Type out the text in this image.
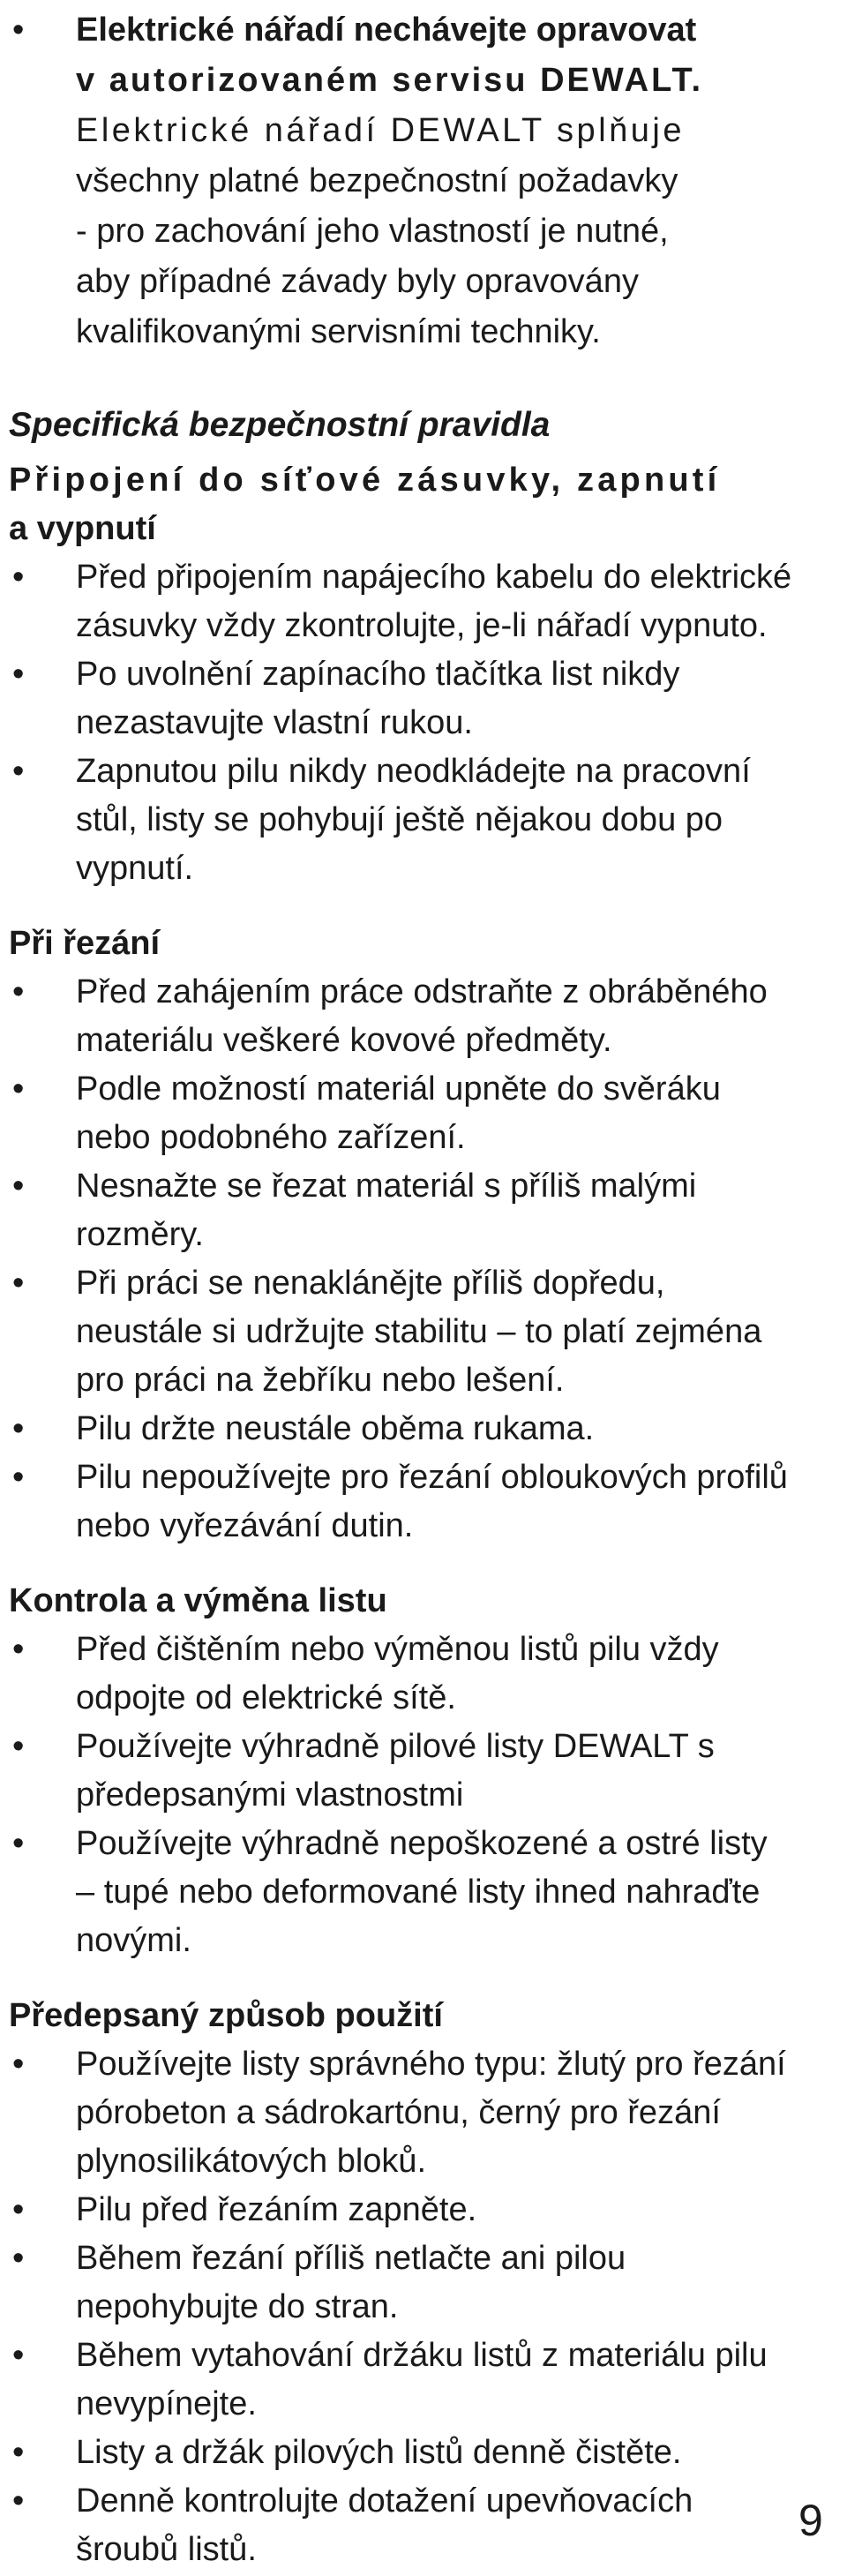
• Elektrické nářadí nechávejte opravovat
v autorizovaném servisu DEWALT.
Elektrické nářadí DEWALT splňuje
všechny platné bezpečnostní požadavky
- pro zachování jeho vlastností je nutné,
aby případné závady byly opravovány
kvalifikovanými servisními techniky.
Specifická bezpečnostní pravidla
Připojení do síťové zásuvky, zapnutí
a vypnutí
• Před připojením napájecího kabelu do elektrické zásuvky vždy zkontrolujte, je-li nářadí vypnuto.
• Po uvolnění zapínacího tlačítka list nikdy nezastavujte vlastní rukou.
• Zapnutou pilu nikdy neodkládejte na pracovní stůl, listy se pohybují ještě nějakou dobu po vypnutí.
Při řezání
• Před zahájením práce odstraňte z obráběného materiálu veškeré kovové předměty.
• Podle možností materiál upněte do svěráku nebo podobného zařízení.
• Nesnažte se řezat materiál s příliš malými rozměry.
• Při práci se nenaklánějte příliš dopředu, neustále si udržujte stabilitu – to platí zejména pro práci na žebříku nebo lešení.
• Pilu držte neustále oběma rukama.
• Pilu nepoužívejte pro řezání obloukových profilů nebo vyřezávání dutin.
Kontrola a výměna listu
• Před čištěním nebo výměnou listů pilu vždy odpojte od elektrické sítě.
• Používejte výhradně pilové listy DEWALT s předepsanými vlastnostmi
• Používejte výhradně nepoškozené a ostré listy – tupé nebo deformované listy ihned nahraďte novými.
Předepsaný způsob použití
• Používejte listy správného typu: žlutý pro řezání pórobeton a sádrokartónu, černý pro řezání plynosilikátových bloků.
• Pilu před řezáním zapněte.
• Během řezání příliš netlačte ani pilou nepohybujte do stran.
• Během vytahování držáku listů z materiálu pilu nevypínejte.
• Listy a držák pilových listů denně čistěte.
• Denně kontrolujte dotažení upevňovacích šroubů listů.
9
